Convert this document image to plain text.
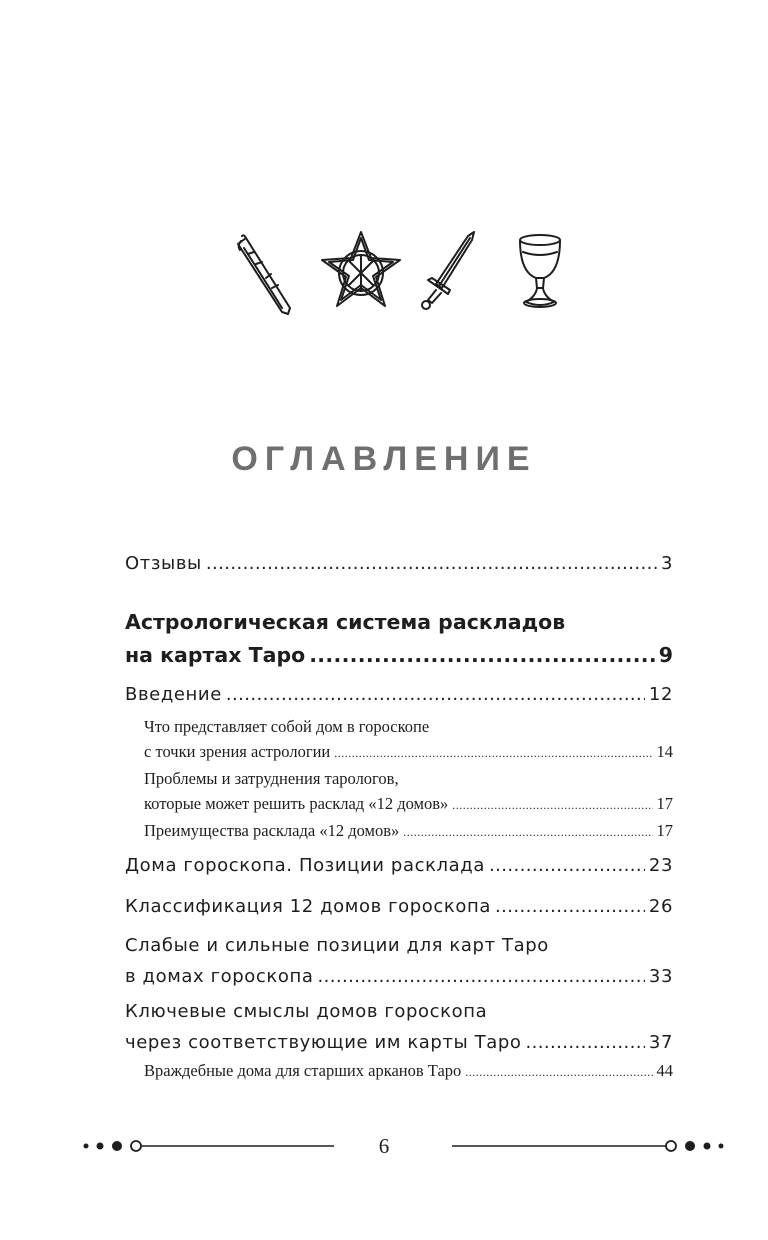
ОГЛАВЛЕНИЕ
Отзывы .....	3
Астрологическая система раскладов
на картах Таро .....	9
Введение .....	12
Что представляет собой дом в гороскопе
с точки зрения астрологии .....	14
Проблемы и затруднения тарологов,
которые может решить расклад «12 домов» .....	17
Преимущества расклада «12 домов» .....	17
Дома гороскопа. Позиции расклада .....	23
Классификация 12 домов гороскопа .....	26
Слабые и сильные позиции для карт Таро
в домах гороскопа .....	33
Ключевые смыслы домов гороскопа
через соответствующие им карты Таро .....	37
Враждебные дома для старших арканов Таро .....	44
6
